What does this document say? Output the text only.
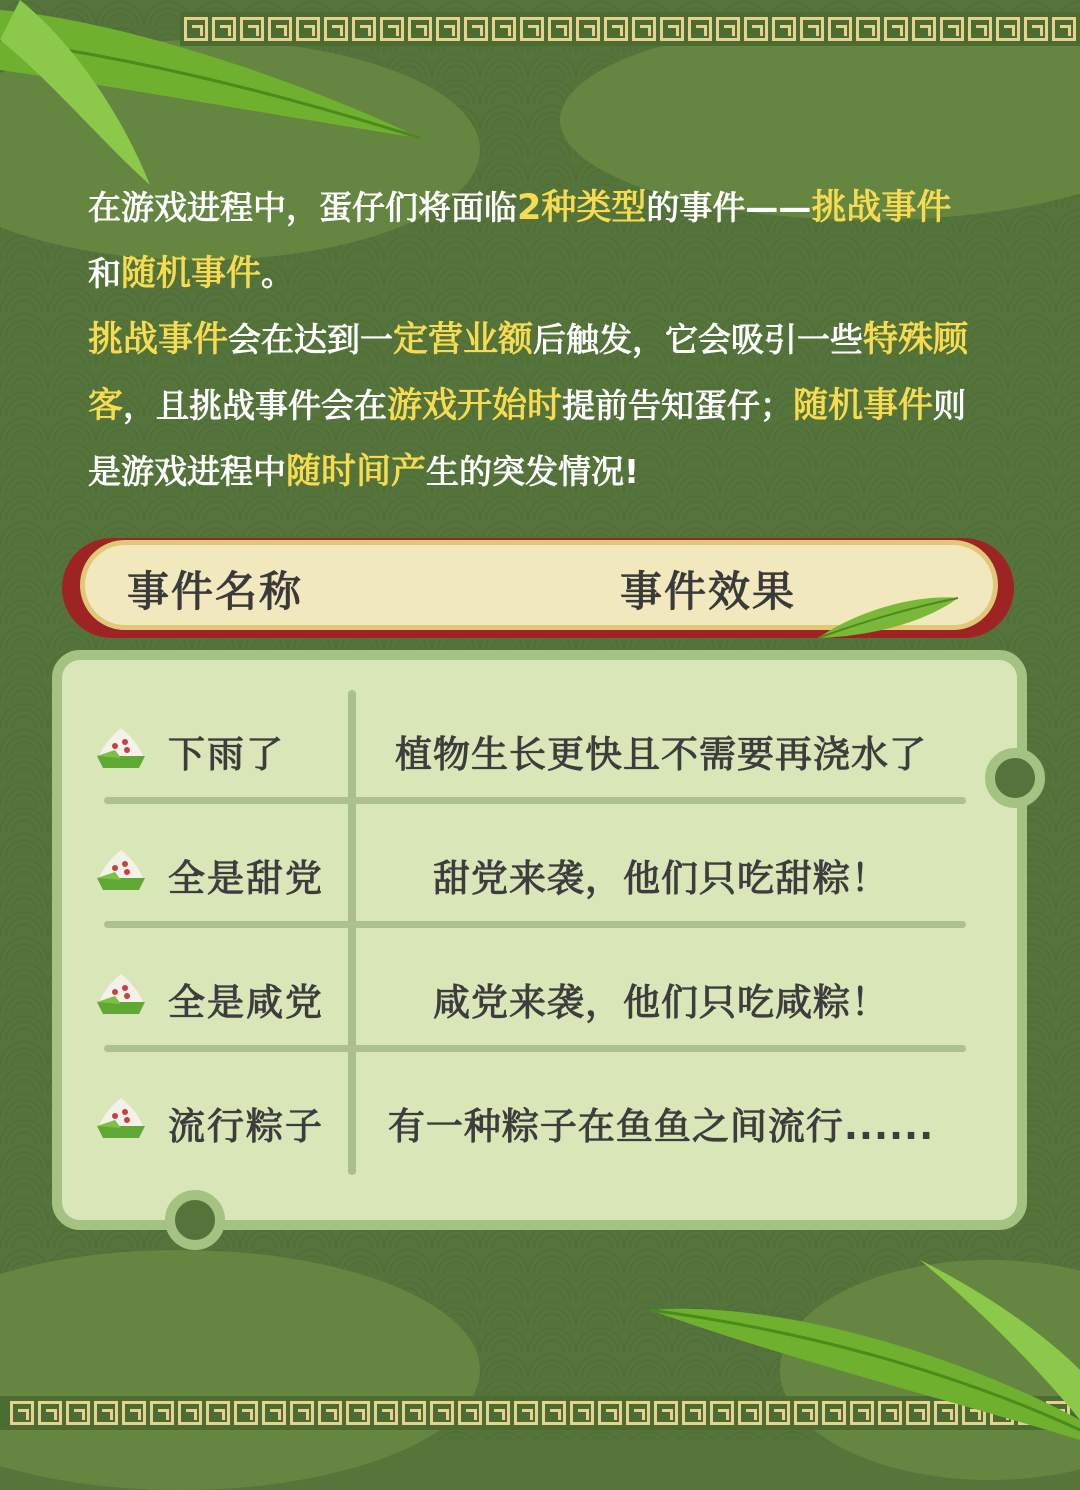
在游戏进程中，蛋仔们将面临2种类型的事件——挑战事件
和随机事件。

挑战事件会在达到一定营业额后触发，它会吸引一些特殊顾客，且挑战事件会在游戏开始时提前告知蛋仔；随机事件则是游戏进程中随时间产生的突发情况!

事件名称	事件效果
下雨了	植物生长更快且不需要再浇水了
全是甜党	甜党来袭，他们只吃甜粽！
全是咸党	咸党来袭，他们只吃咸粽！
流行粽子	有一种粽子在鱼鱼之间流行......
